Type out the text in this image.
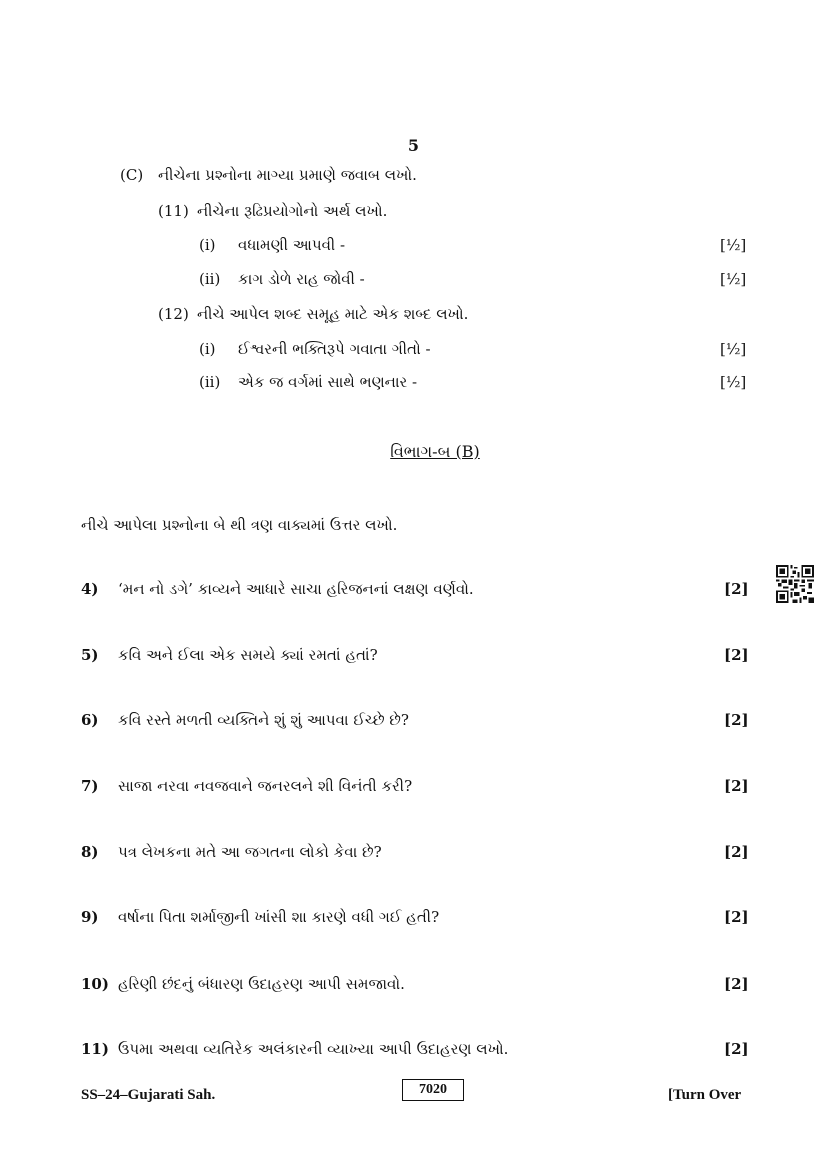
5
(C) નીચેના પ્રશ્નોના માગ્યા પ્રમાણે જવાબ લખો.
(11) નીચેના રૂઢિપ્રયોગોનો અર્થ લખો.
(i) વધામણી આપવી -	[½]
(ii) કાગ ડોળે રાહ જોવી -	[½]
(12) નીચે આપેલ શબ્દ સમૂહ માટે એક શબ્દ લખો.
(i) ઈશ્વરની ભક્તિરૂપે ગવાતા ગીતો -	[½]
(ii) એક જ વર્ગમાં સાથે ભણનાર -	[½]
વિભાગ-બ (B)
નીચે આપેલા પ્રશ્નોના બે થી ત્રણ વાક્યમાં ઉત્તર લખો.
4) ‘મન નો ડગે’ કાવ્યને આધારે સાચા હરિજનનાં લક્ષણ વર્ણવો.	[2]
5) કવિ અને ઈલા એક સમયે ક્યાં રમતાં હતાં?	[2]
6) કવિ રસ્તે મળતી વ્યક્તિને શું શું આપવા ઈચ્છે છે?	[2]
7) સાજા નરવા નવજવાને જનરલને શી વિનંતી કરી?	[2]
8) પત્ર લેખકના મતે આ જગતના લોકો કેવા છે?	[2]
9) વર્ષાના પિતા શર્માજીની ખાંસી શા કારણે વધી ગઈ હતી?	[2]
10) હરિણી છંદનું બંધારણ ઉદાહરણ આપી સમજાવો.	[2]
11) ઉપમા અથવા વ્યતિરેક અલંકારની વ્યાખ્યા આપી ઉદાહરણ લખો.	[2]
SS–24–Gujarati Sah.	7020	[Turn Over
